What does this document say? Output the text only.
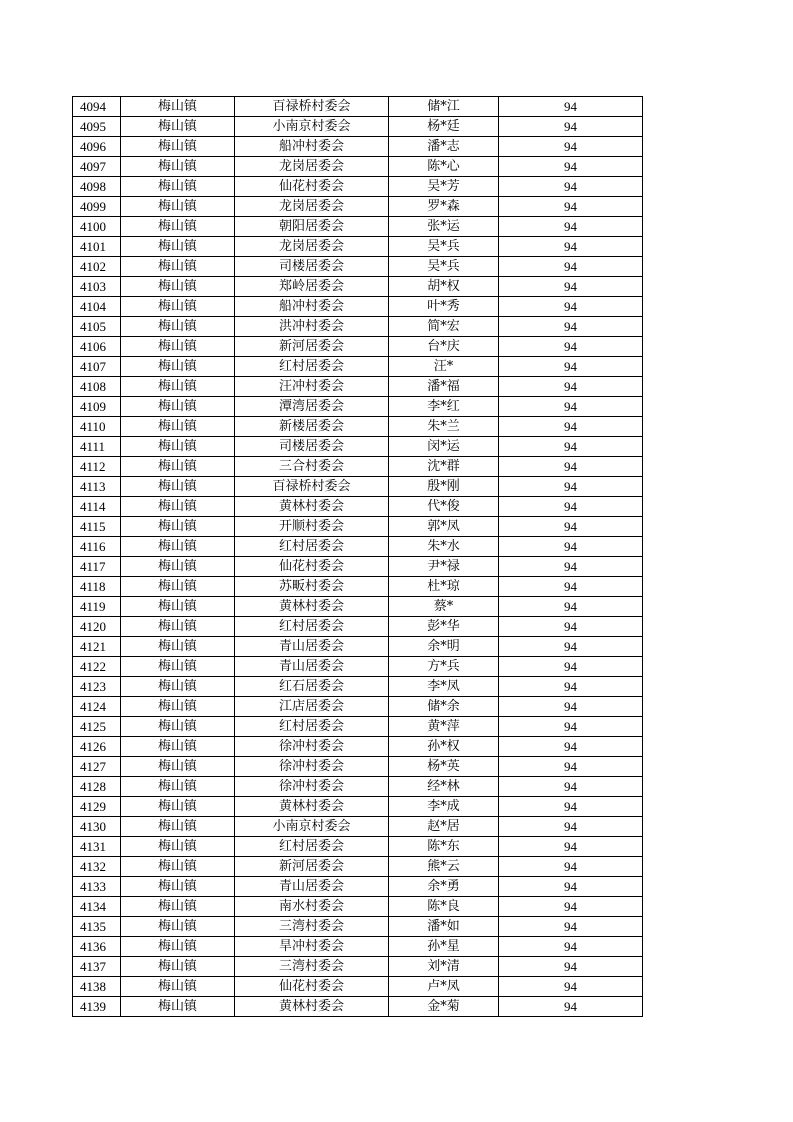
4094	梅山镇	百禄桥村委会	储*江	94
4095	梅山镇	小南京村委会	杨*廷	94
4096	梅山镇	船冲村委会	潘*志	94
4097	梅山镇	龙岗居委会	陈*心	94
4098	梅山镇	仙花村委会	吴*芳	94
4099	梅山镇	龙岗居委会	罗*森	94
4100	梅山镇	朝阳居委会	张*运	94
4101	梅山镇	龙岗居委会	吴*兵	94
4102	梅山镇	司楼居委会	吴*兵	94
4103	梅山镇	郑岭居委会	胡*权	94
4104	梅山镇	船冲村委会	叶*秀	94
4105	梅山镇	洪冲村委会	简*宏	94
4106	梅山镇	新河居委会	台*庆	94
4107	梅山镇	红村居委会	汪*	94
4108	梅山镇	汪冲村委会	潘*福	94
4109	梅山镇	潭湾居委会	李*红	94
4110	梅山镇	新楼居委会	朱*兰	94
4111	梅山镇	司楼居委会	闵*运	94
4112	梅山镇	三合村委会	沈*群	94
4113	梅山镇	百禄桥村委会	殷*刚	94
4114	梅山镇	黄林村委会	代*俊	94
4115	梅山镇	开顺村委会	郭*凤	94
4116	梅山镇	红村居委会	朱*水	94
4117	梅山镇	仙花村委会	尹*禄	94
4118	梅山镇	苏畈村委会	杜*琼	94
4119	梅山镇	黄林村委会	蔡*	94
4120	梅山镇	红村居委会	彭*华	94
4121	梅山镇	青山居委会	余*明	94
4122	梅山镇	青山居委会	方*兵	94
4123	梅山镇	红石居委会	李*凤	94
4124	梅山镇	江店居委会	储*余	94
4125	梅山镇	红村居委会	黄*萍	94
4126	梅山镇	徐冲村委会	孙*权	94
4127	梅山镇	徐冲村委会	杨*英	94
4128	梅山镇	徐冲村委会	经*林	94
4129	梅山镇	黄林村委会	李*成	94
4130	梅山镇	小南京村委会	赵*居	94
4131	梅山镇	红村居委会	陈*东	94
4132	梅山镇	新河居委会	熊*云	94
4133	梅山镇	青山居委会	余*勇	94
4134	梅山镇	南水村委会	陈*良	94
4135	梅山镇	三湾村委会	潘*如	94
4136	梅山镇	旱冲村委会	孙*星	94
4137	梅山镇	三湾村委会	刘*清	94
4138	梅山镇	仙花村委会	卢*凤	94
4139	梅山镇	黄林村委会	金*菊	94
